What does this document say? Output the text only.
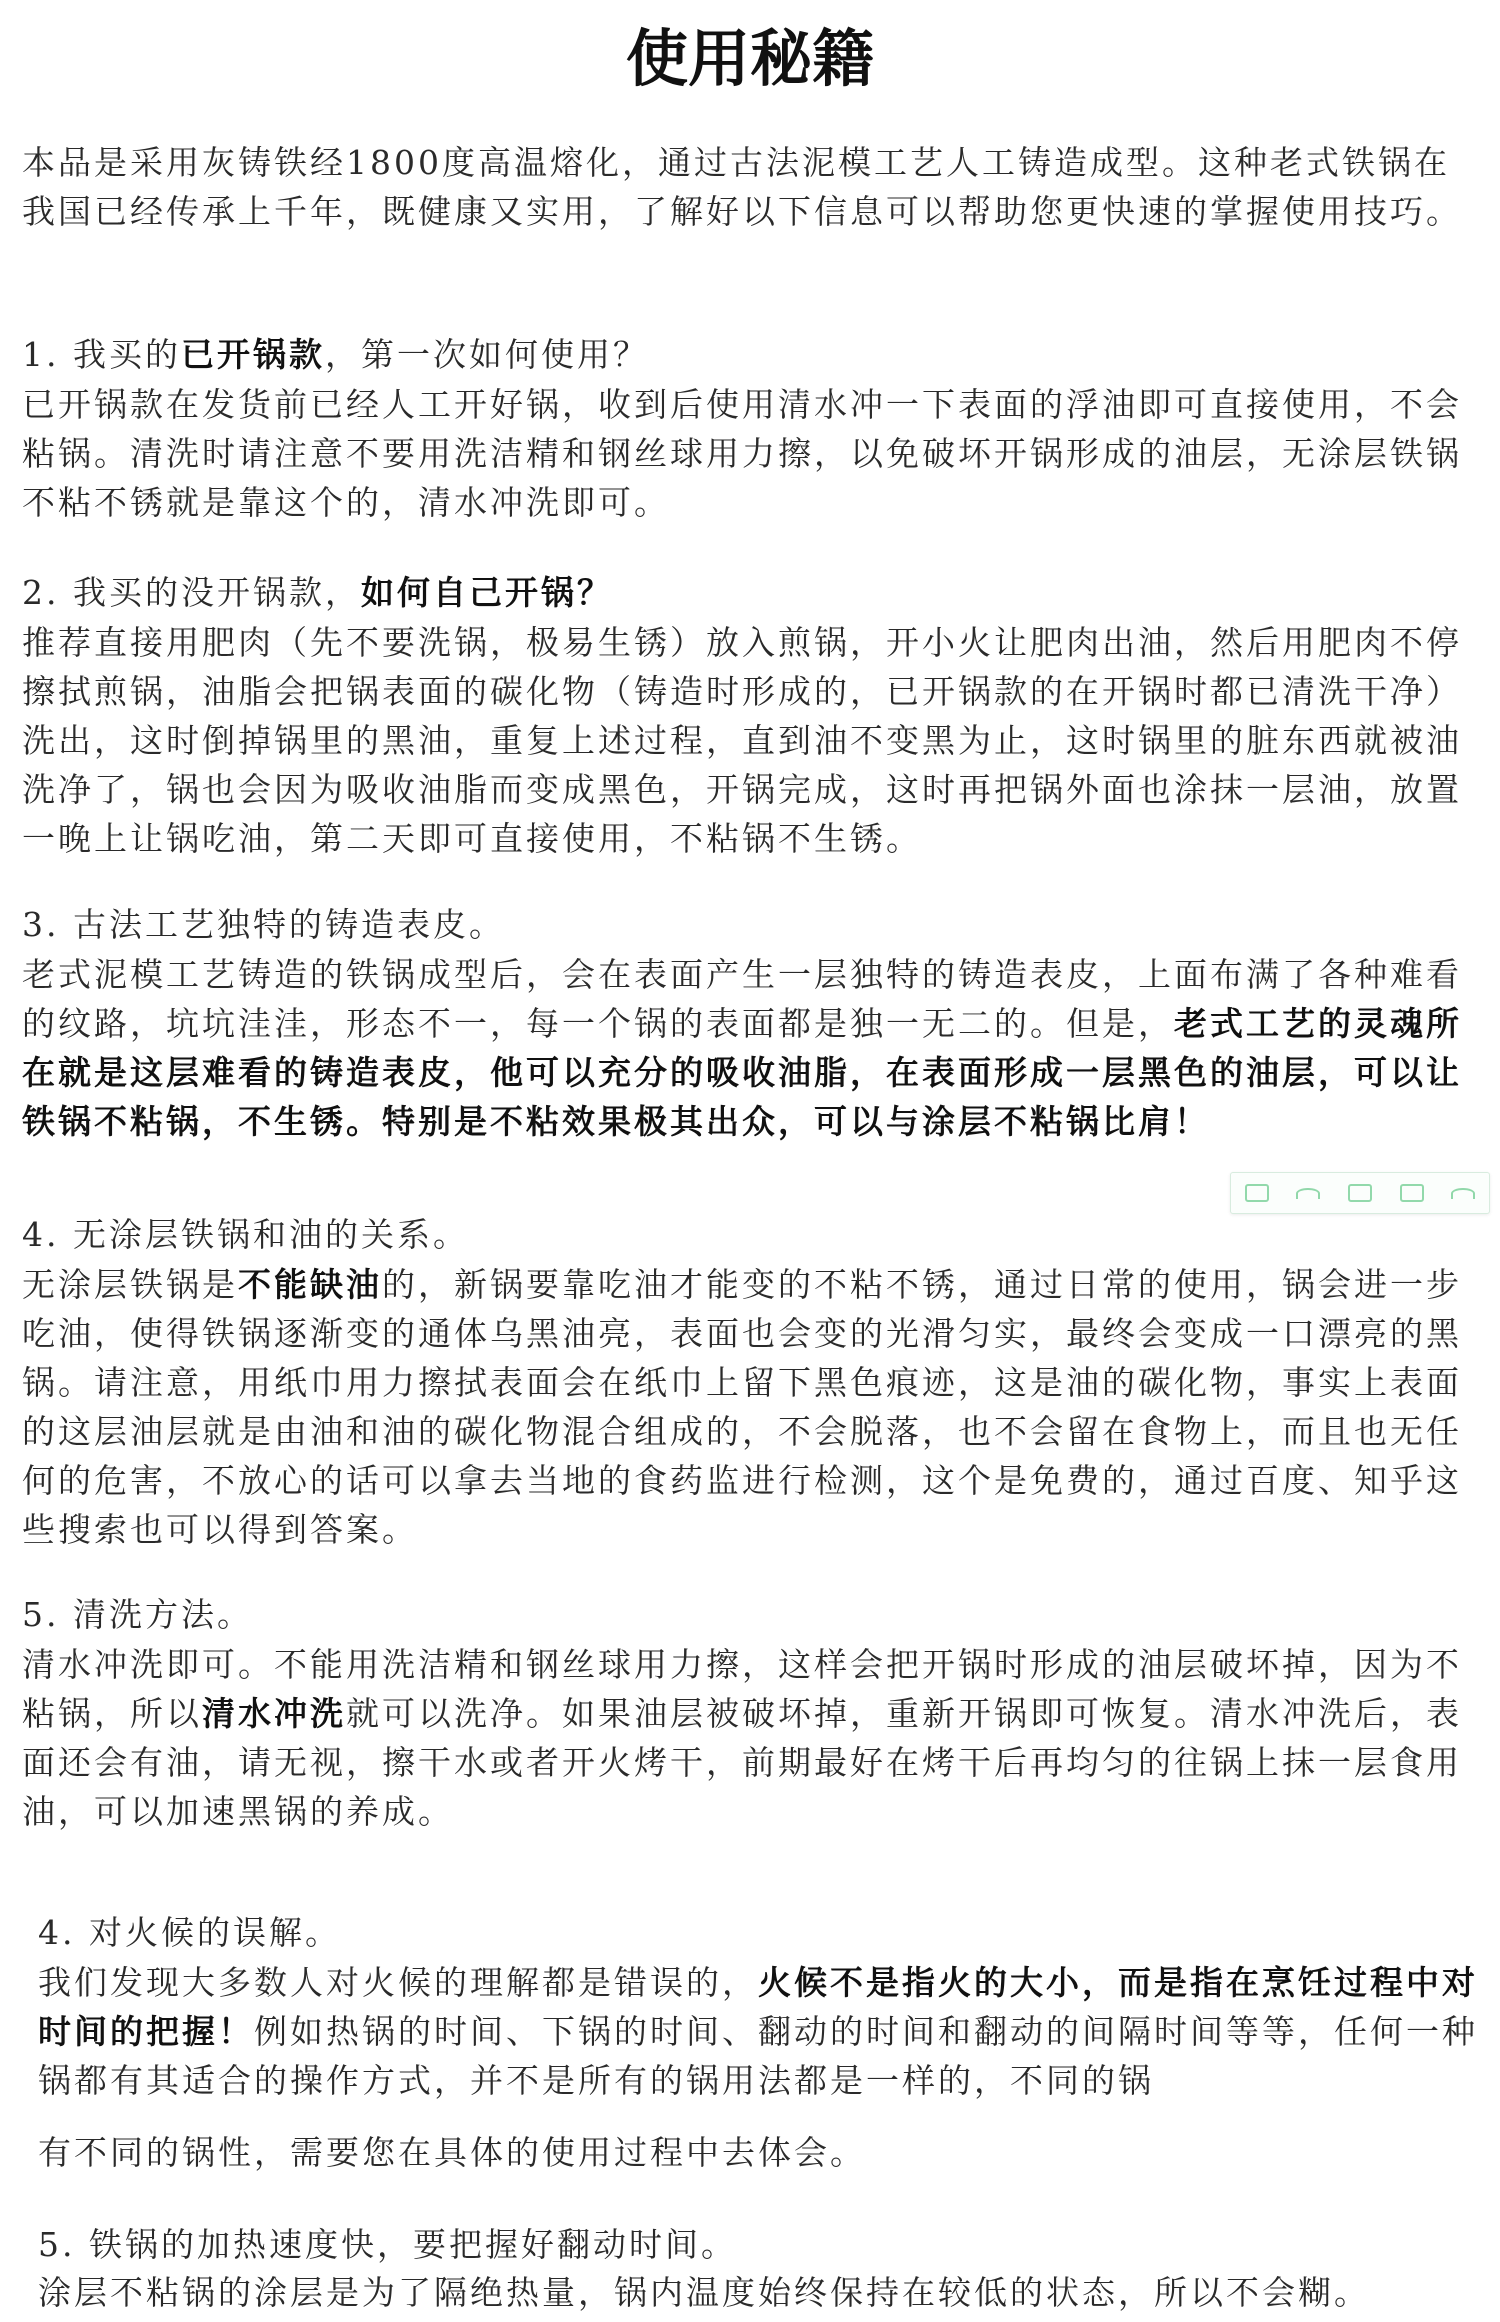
使用秘籍

本品是采用灰铸铁经1800度高温熔化，通过古法泥模工艺人工铸造成型。这种老式铁锅在我国已经传承上千年，既健康又实用，了解好以下信息可以帮助您更快速的掌握使用技巧。

1. 我买的已开锅款，第一次如何使用？

已开锅款在发货前已经人工开好锅，收到后使用清水冲一下表面的浮油即可直接使用，不会粘锅。清洗时请注意不要用洗洁精和钢丝球用力擦，以免破坏开锅形成的油层，无涂层铁锅不粘不锈就是靠这个的，清水冲洗即可。

2. 我买的没开锅款，如何自己开锅？

推荐直接用肥肉（先不要洗锅，极易生锈）放入煎锅，开小火让肥肉出油，然后用肥肉不停擦拭煎锅，油脂会把锅表面的碳化物（铸造时形成的，已开锅款的在开锅时都已清洗干净）洗出，这时倒掉锅里的黑油，重复上述过程，直到油不变黑为止，这时锅里的脏东西就被油洗净了，锅也会因为吸收油脂而变成黑色，开锅完成，这时再把锅外面也涂抹一层油，放置一晚上让锅吃油，第二天即可直接使用，不粘锅不生锈。

3. 古法工艺独特的铸造表皮。

老式泥模工艺铸造的铁锅成型后，会在表面产生一层独特的铸造表皮，上面布满了各种难看的纹路，坑坑洼洼，形态不一，每一个锅的表面都是独一无二的。但是，老式工艺的灵魂所在就是这层难看的铸造表皮，他可以充分的吸收油脂，在表面形成一层黑色的油层，可以让铁锅不粘锅，不生锈。特别是不粘效果极其出众，可以与涂层不粘锅比肩！

4. 无涂层铁锅和油的关系。

无涂层铁锅是不能缺油的，新锅要靠吃油才能变的不粘不锈，通过日常的使用，锅会进一步吃油，使得铁锅逐渐变的通体乌黑油亮，表面也会变的光滑匀实，最终会变成一口漂亮的黑锅。请注意，用纸巾用力擦拭表面会在纸巾上留下黑色痕迹，这是油的碳化物，事实上表面的这层油层就是由油和油的碳化物混合组成的，不会脱落，也不会留在食物上，而且也无任何的危害，不放心的话可以拿去当地的食药监进行检测，这个是免费的，通过百度、知乎这些搜索也可以得到答案。

5. 清洗方法。

清水冲洗即可。不能用洗洁精和钢丝球用力擦，这样会把开锅时形成的油层破坏掉，因为不粘锅，所以清水冲洗就可以洗净。如果油层被破坏掉，重新开锅即可恢复。清水冲洗后，表面还会有油，请无视，擦干水或者开火烤干，前期最好在烤干后再均匀的往锅上抹一层食用油，可以加速黑锅的养成。

4. 对火候的误解。

我们发现大多数人对火候的理解都是错误的，火候不是指火的大小，而是指在烹饪过程中对时间的把握！例如热锅的时间、下锅的时间、翻动的时间和翻动的间隔时间等等，任何一种锅都有其适合的操作方式，并不是所有的锅用法都是一样的，不同的锅

有不同的锅性，需要您在具体的使用过程中去体会。

5. 铁锅的加热速度快，要把握好翻动时间。

涂层不粘锅的涂层是为了隔绝热量，锅内温度始终保持在较低的状态，所以不会糊。
